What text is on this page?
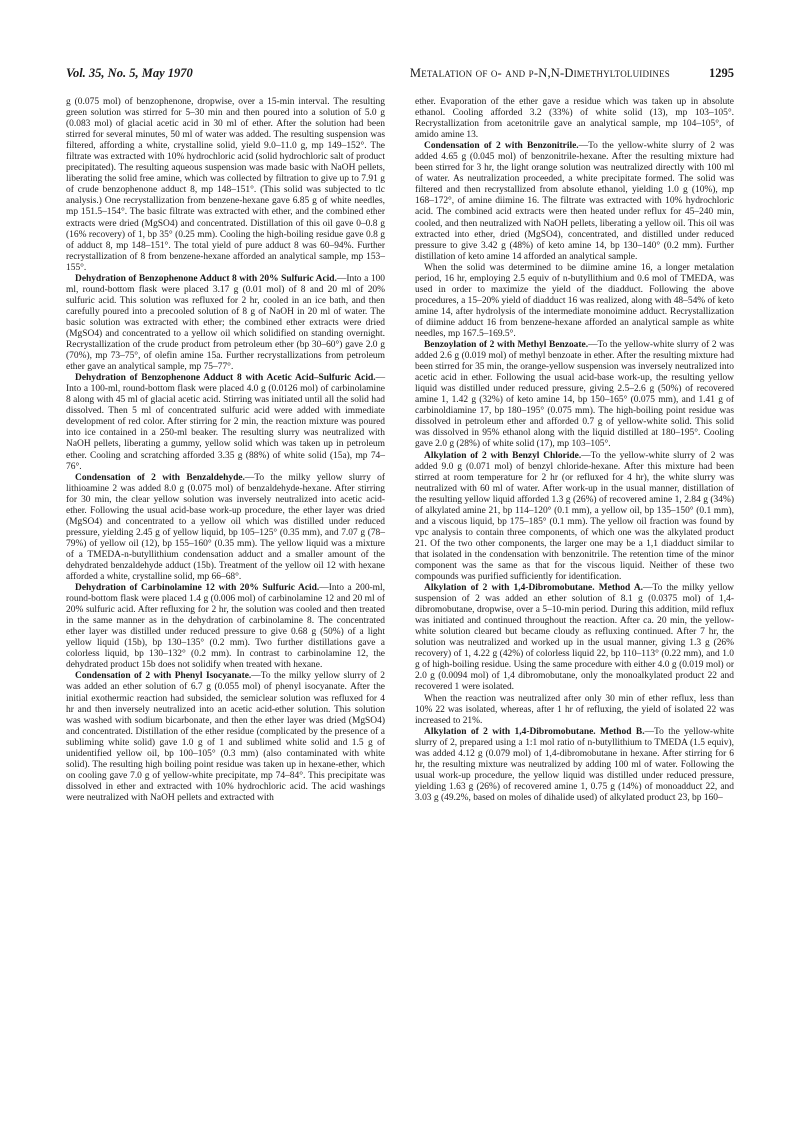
Vol. 35, No. 5, May 1970	Metalation of o- and p-N,N-Dimethyltoluidines	1295

g (0.075 mol) of benzophenone, dropwise, over a 15-min interval. The resulting green solution was stirred for 5–30 min and then poured into a solution of 5.0 g (0.083 mol) of glacial acetic acid in 30 ml of ether. After the solution had been stirred for several minutes, 50 ml of water was added. The resulting suspension was filtered, affording a white, crystalline solid, yield 9.0–11.0 g, mp 149–152°. The filtrate was extracted with 10% hydrochloric acid (solid hydrochloric salt of product precipitated). The resulting aqueous suspension was made basic with NaOH pellets, liberating the solid free amine, which was collected by filtration to give up to 7.91 g of crude benzophenone adduct 8, mp 148–151°. (This solid was subjected to tlc analysis.) One recrystallization from benzene-hexane gave 6.85 g of white needles, mp 151.5–154°. The basic filtrate was extracted with ether, and the combined ether extracts were dried (MgSO4) and concentrated. Distillation of this oil gave 0–0.8 g (16% recovery) of 1, bp 35° (0.25 mm). Cooling the high-boiling residue gave 0.8 g of adduct 8, mp 148–151°. The total yield of pure adduct 8 was 60–94%. Further recrystallization of 8 from benzene-hexane afforded an analytical sample, mp 153–155°.

Dehydration of Benzophenone Adduct 8 with 20% Sulfuric Acid.—Into a 100 ml, round-bottom flask were placed 3.17 g (0.01 mol) of 8 and 20 ml of 20% sulfuric acid. This solution was refluxed for 2 hr, cooled in an ice bath, and then carefully poured into a precooled solution of 8 g of NaOH in 20 ml of water. The basic solution was extracted with ether; the combined ether extracts were dried (MgSO4) and concentrated to a yellow oil which solidified on standing overnight. Recrystallization of the crude product from petroleum ether (bp 30–60°) gave 2.0 g (70%), mp 73–75°, of olefin amine 15a. Further recrystallizations from petroleum ether gave an analytical sample, mp 75–77°.

Dehydration of Benzophenone Adduct 8 with Acetic Acid–Sulfuric Acid.—Into a 100-ml, round-bottom flask were placed 4.0 g (0.0126 mol) of carbinolamine 8 along with 45 ml of glacial acetic acid. Stirring was initiated until all the solid had dissolved. Then 5 ml of concentrated sulfuric acid were added with immediate development of red color. After stirring for 2 min, the reaction mixture was poured into ice contained in a 250-ml beaker. The resulting slurry was neutralized with NaOH pellets, liberating a gummy, yellow solid which was taken up in petroleum ether. Cooling and scratching afforded 3.35 g (88%) of white solid (15a), mp 74–76°.

Condensation of 2 with Benzaldehyde.—To the milky yellow slurry of lithioamine 2 was added 8.0 g (0.075 mol) of benzaldehyde-hexane. After stirring for 30 min, the clear yellow solution was inversely neutralized into acetic acid-ether. Following the usual acid-base work-up procedure, the ether layer was dried (MgSO4) and concentrated to a yellow oil which was distilled under reduced pressure, yielding 2.45 g of yellow liquid, bp 105–125° (0.35 mm), and 7.07 g (78–79%) of yellow oil (12), bp 155–160° (0.35 mm). The yellow liquid was a mixture of a TMEDA-n-butyllithium condensation adduct and a smaller amount of the dehydrated benzaldehyde adduct (15b). Treatment of the yellow oil 12 with hexane afforded a white, crystalline solid, mp 66–68°.

Dehydration of Carbinolamine 12 with 20% Sulfuric Acid.—Into a 200-ml, round-bottom flask were placed 1.4 g (0.006 mol) of carbinolamine 12 and 20 ml of 20% sulfuric acid. After refluxing for 2 hr, the solution was cooled and then treated in the same manner as in the dehydration of carbinolamine 8. The concentrated ether layer was distilled under reduced pressure to give 0.68 g (50%) of a light yellow liquid (15b), bp 130–135° (0.2 mm). Two further distillations gave a colorless liquid, bp 130–132° (0.2 mm). In contrast to carbinolamine 12, the dehydrated product 15b does not solidify when treated with hexane.

Condensation of 2 with Phenyl Isocyanate.—To the milky yellow slurry of 2 was added an ether solution of 6.7 g (0.055 mol) of phenyl isocyanate. After the initial exothermic reaction had subsided, the semiclear solution was refluxed for 4 hr and then inversely neutralized into an acetic acid-ether solution. This solution was washed with sodium bicarbonate, and then the ether layer was dried (MgSO4) and concentrated. Distillation of the ether residue (complicated by the presence of a subliming white solid) gave 1.0 g of 1 and sublimed white solid and 1.5 g of unidentified yellow oil, bp 100–105° (0.3 mm) (also contaminated with white solid). The resulting high boiling point residue was taken up in hexane-ether, which on cooling gave 7.0 g of yellow-white precipitate, mp 74–84°. This precipitate was dissolved in ether and extracted with 10% hydrochloric acid. The acid washings were neutralized with NaOH pellets and extracted with

ether. Evaporation of the ether gave a residue which was taken up in absolute ethanol. Cooling afforded 3.2 (33%) of white solid (13), mp 103–105°. Recrystallization from acetonitrile gave an analytical sample, mp 104–105°, of amido amine 13.

Condensation of 2 with Benzonitrile.—To the yellow-white slurry of 2 was added 4.65 g (0.045 mol) of benzonitrile-hexane. After the resulting mixture had been stirred for 3 hr, the light orange solution was neutralized directly with 100 ml of water. As neutralization proceeded, a white precipitate formed. The solid was filtered and then recrystallized from absolute ethanol, yielding 1.0 g (10%), mp 168–172°, of amine diimine 16. The filtrate was extracted with 10% hydrochloric acid. The combined acid extracts were then heated under reflux for 45–240 min, cooled, and then neutralized with NaOH pellets, liberating a yellow oil. This oil was extracted into ether, dried (MgSO4), concentrated, and distilled under reduced pressure to give 3.42 g (48%) of keto amine 14, bp 130–140° (0.2 mm). Further distillation of keto amine 14 afforded an analytical sample.

When the solid was determined to be diimine amine 16, a longer metalation period, 16 hr, employing 2.5 equiv of n-butyllithium and 0.6 mol of TMEDA, was used in order to maximize the yield of the diadduct. Following the above procedures, a 15–20% yield of diadduct 16 was realized, along with 48–54% of keto amine 14, after hydrolysis of the intermediate monoimine adduct. Recrystallization of diimine adduct 16 from benzene-hexane afforded an analytical sample as white needles, mp 167.5–169.5°.

Benzoylation of 2 with Methyl Benzoate.—To the yellow-white slurry of 2 was added 2.6 g (0.019 mol) of methyl benzoate in ether. After the resulting mixture had been stirred for 35 min, the orange-yellow suspension was inversely neutralized into acetic acid in ether. Following the usual acid-base work-up, the resulting yellow liquid was distilled under reduced pressure, giving 2.5–2.6 g (50%) of recovered amine 1, 1.42 g (32%) of keto amine 14, bp 150–165° (0.075 mm), and 1.41 g of carbinoldiamine 17, bp 180–195° (0.075 mm). The high-boiling point residue was dissolved in petroleum ether and afforded 0.7 g of yellow-white solid. This solid was dissolved in 95% ethanol along with the liquid distilled at 180–195°. Cooling gave 2.0 g (28%) of white solid (17), mp 103–105°.

Alkylation of 2 with Benzyl Chloride.—To the yellow-white slurry of 2 was added 9.0 g (0.071 mol) of benzyl chloride-hexane. After this mixture had been stirred at room temperature for 2 hr (or refluxed for 4 hr), the white slurry was neutralized with 60 ml of water. After work-up in the usual manner, distillation of the resulting yellow liquid afforded 1.3 g (26%) of recovered amine 1, 2.84 g (34%) of alkylated amine 21, bp 114–120° (0.1 mm), a yellow oil, bp 135–150° (0.1 mm), and a viscous liquid, bp 175–185° (0.1 mm). The yellow oil fraction was found by vpc analysis to contain three components, of which one was the alkylated product 21. Of the two other components, the larger one may be a 1,1 diadduct similar to that isolated in the condensation with benzonitrile. The retention time of the minor component was the same as that for the viscous liquid. Neither of these two compounds was purified sufficiently for identification.

Alkylation of 2 with 1,4-Dibromobutane. Method A.—To the milky yellow suspension of 2 was added an ether solution of 8.1 g (0.0375 mol) of 1,4-dibromobutane, dropwise, over a 5–10-min period. During this addition, mild reflux was initiated and continued throughout the reaction. After ca. 20 min, the yellow-white solution cleared but became cloudy as refluxing continued. After 7 hr, the solution was neutralized and worked up in the usual manner, giving 1.3 g (26% recovery) of 1, 4.22 g (42%) of colorless liquid 22, bp 110–113° (0.22 mm), and 1.0 g of high-boiling residue. Using the same procedure with either 4.0 g (0.019 mol) or 2.0 g (0.0094 mol) of 1,4 dibromobutane, only the monoalkylated product 22 and recovered 1 were isolated.

When the reaction was neutralized after only 30 min of ether reflux, less than 10% 22 was isolated, whereas, after 1 hr of refluxing, the yield of isolated 22 was increased to 21%.

Alkylation of 2 with 1,4-Dibromobutane. Method B.—To the yellow-white slurry of 2, prepared using a 1:1 mol ratio of n-butyllithium to TMEDA (1.5 equiv), was added 4.12 g (0.079 mol) of 1,4-dibromobutane in hexane. After stirring for 6 hr, the resulting mixture was neutralized by adding 100 ml of water. Following the usual work-up procedure, the yellow liquid was distilled under reduced pressure, yielding 1.63 g (26%) of recovered amine 1, 0.75 g (14%) of monoadduct 22, and 3.03 g (49.2%, based on moles of dihalide used) of alkylated product 23, bp 160–
